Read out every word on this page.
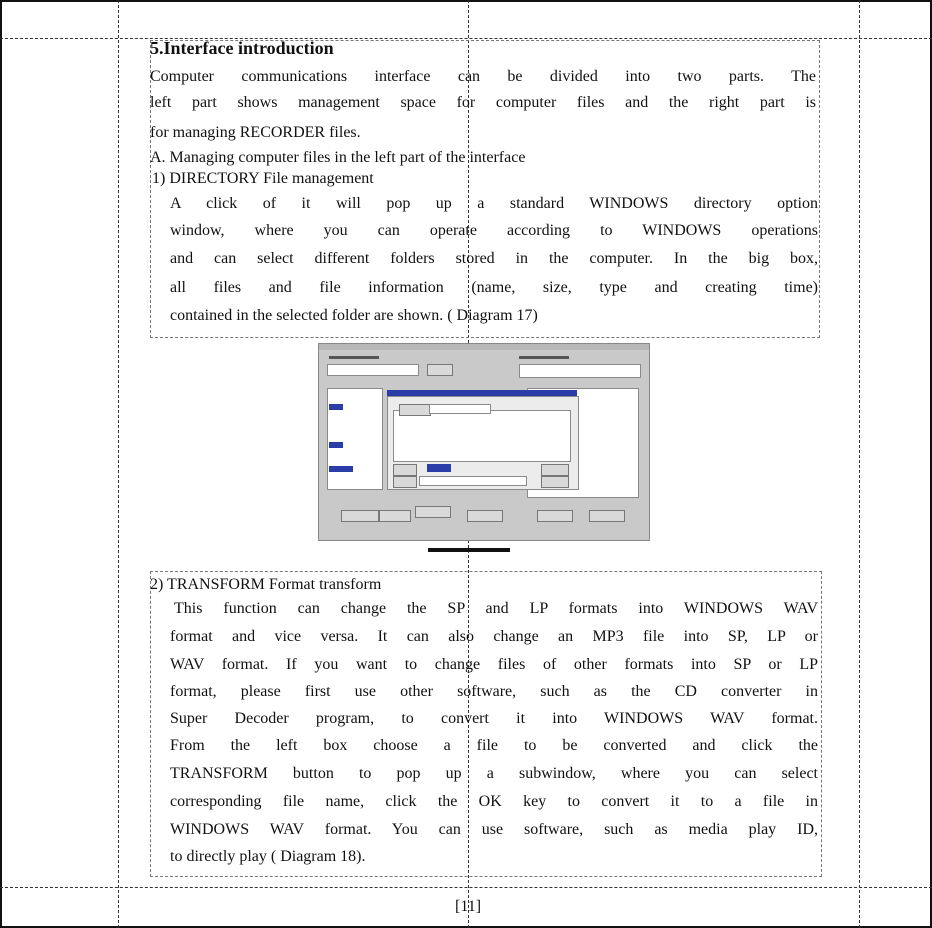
5.Interface introduction
Computer communications interface can be divided into two parts. The
left part shows management space for computer files and the right part is
for managing RECORDER files.
A. Managing computer files in the left part of the interface
1) DIRECTORY File management
A click of it will pop up a standard WINDOWS directory option
window, where you can operate according to WINDOWS operations
and can select different folders stored in the computer. In the big box,
all files and file information (name, size, type and creating time)
contained in the selected folder are shown. ( Diagram 17)
2) TRANSFORM Format transform
This function can change the SP and LP formats into WINDOWS WAV
format and vice versa. It can also change an MP3 file into SP, LP or
WAV format. If you want to change files of other formats into SP or LP
format, please first use other software, such as the CD converter in
Super Decoder program, to convert it into WINDOWS WAV format.
From the left box choose a file to be converted and click the
TRANSFORM button to pop up a subwindow, where you can select
corresponding file name, click the OK key to convert it to a file in
WINDOWS WAV format. You can use software, such as media play ID,
to directly play ( Diagram 18).
[11]
